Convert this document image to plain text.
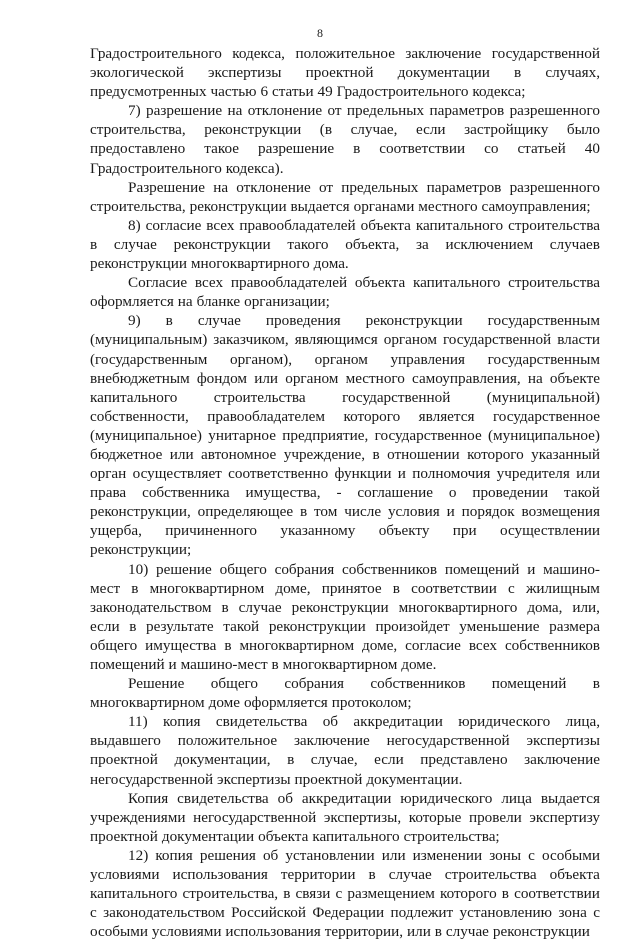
8
Градостроительного кодекса, положительное заключение государственной
экологической экспертизы проектной документации в случаях,
предусмотренных частью 6 статьи 49 Градостроительного кодекса;
7) разрешение на отклонение от предельных параметров разрешенного
строительства, реконструкции (в случае, если застройщику было
предоставлено такое разрешение в соответствии со статьей 40
Градостроительного кодекса).
Разрешение на отклонение от предельных параметров разрешенного
строительства, реконструкции выдается органами местного самоуправления;
8) согласие всех правообладателей объекта капитального строительства
в случае реконструкции такого объекта, за исключением случаев
реконструкции многоквартирного дома.
Согласие всех правообладателей объекта капитального строительства
оформляется на бланке организации;
9) в случае проведения реконструкции государственным
(муниципальным) заказчиком, являющимся органом государственной власти
(государственным органом), органом управления государственным
внебюджетным фондом или органом местного самоуправления, на объекте
капитального строительства государственной (муниципальной)
собственности, правообладателем которого является государственное
(муниципальное) унитарное предприятие, государственное (муниципальное)
бюджетное или автономное учреждение, в отношении которого указанный
орган осуществляет соответственно функции и полномочия учредителя или
права собственника имущества, - соглашение о проведении такой
реконструкции, определяющее в том числе условия и порядок возмещения
ущерба, причиненного указанному объекту при осуществлении
реконструкции;
10) решение общего собрания собственников помещений и машино-
мест в многоквартирном доме, принятое в соответствии с жилищным
законодательством в случае реконструкции многоквартирного дома, или,
если в результате такой реконструкции произойдет уменьшение размера
общего имущества в многоквартирном доме, согласие всех собственников
помещений и машино-мест в многоквартирном доме.
Решение общего собрания собственников помещений в
многоквартирном доме оформляется протоколом;
11) копия свидетельства об аккредитации юридического лица,
выдавшего положительное заключение негосударственной экспертизы
проектной документации, в случае, если представлено заключение
негосударственной экспертизы проектной документации.
Копия свидетельства об аккредитации юридического лица выдается
учреждениями негосударственной экспертизы, которые провели экспертизу
проектной документации объекта капитального строительства;
12) копия решения об установлении или изменении зоны с особыми
условиями использования территории в случае строительства объекта
капитального строительства, в связи с размещением которого в соответствии
с законодательством Российской Федерации подлежит установлению зона с
особыми условиями использования территории, или в случае реконструкции
